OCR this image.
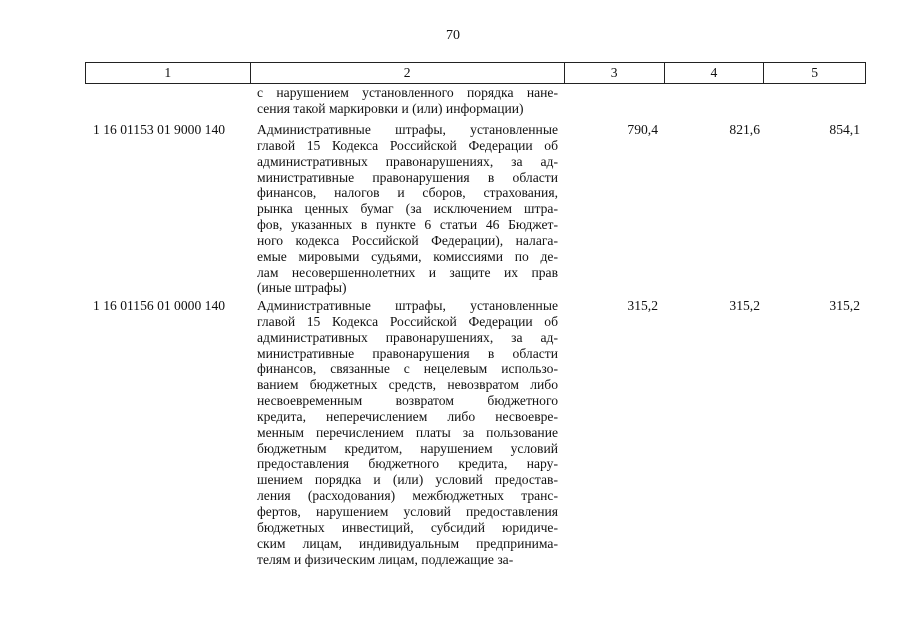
70
1	2	3	4	5
с нарушением установленного порядка нане-
сения такой маркировки и (или) информации)
1 16 01153 01 9000 140 Административные штрафы, установленные
главой 15 Кодекса Российской Федерации об
административных правонарушениях, за ад-
министративные правонарушения в области
финансов, налогов и сборов, страхования,
рынка ценных бумаг (за исключением штра-
фов, указанных в пункте 6 статьи 46 Бюджет-
ного кодекса Российской Федерации), налага-
емые мировыми судьями, комиссиями по де-
лам несовершеннолетних и защите их прав
(иные штрафы)
790,4	821,6	854,1
1 16 01156 01 0000 140 Административные штрафы, установленные
главой 15 Кодекса Российской Федерации об
административных правонарушениях, за ад-
министративные правонарушения в области
финансов, связанные с нецелевым использо-
ванием бюджетных средств, невозвратом либо
несвоевременным возвратом бюджетного
кредита, неперечислением либо несвоевре-
менным перечислением платы за пользование
бюджетным кредитом, нарушением условий
предоставления бюджетного кредита, нару-
шением порядка и (или) условий предостав-
ления (расходования) межбюджетных транс-
фертов, нарушением условий предоставления
бюджетных инвестиций, субсидий юридиче-
ским лицам, индивидуальным предпринима-
телям и физическим лицам, подлежащие за-
315,2	315,2	315,2
